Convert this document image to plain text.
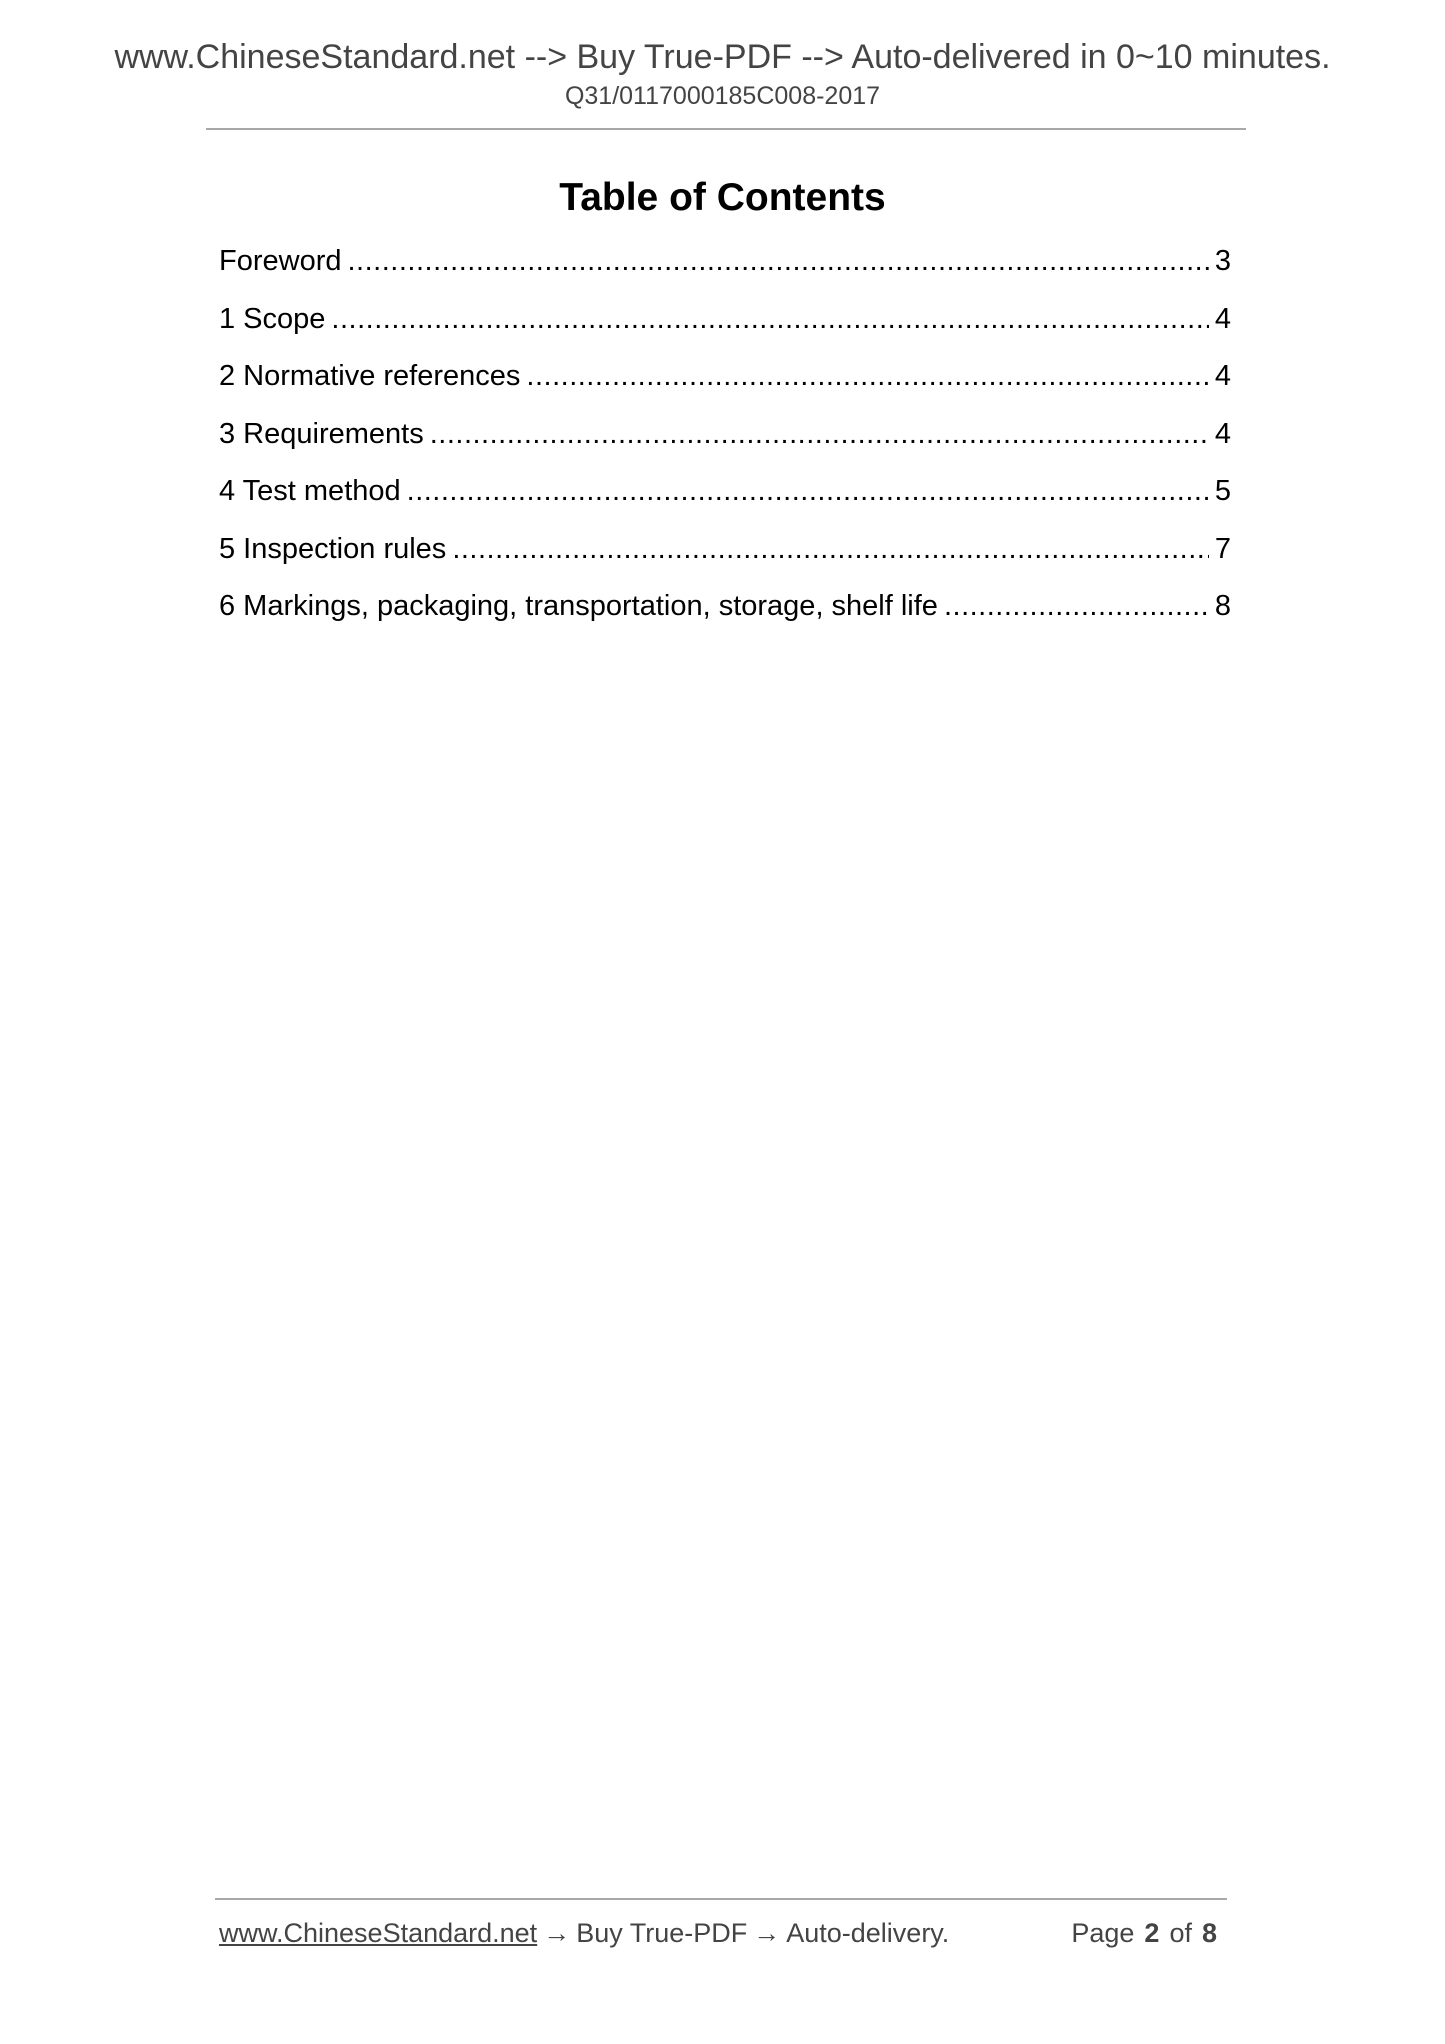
www.ChineseStandard.net --> Buy True-PDF --> Auto-delivered in 0~10 minutes.
Q31/0117000185C008-2017
Table of Contents
Foreword .....	3
1 Scope .....	4
2 Normative references .....	4
3 Requirements .....	4
4 Test method .....	5
5 Inspection rules .....	7
6 Markings, packaging, transportation, storage, shelf life .....	8
www.ChineseStandard.net → Buy True-PDF → Auto-delivery.	Page 2 of 8
